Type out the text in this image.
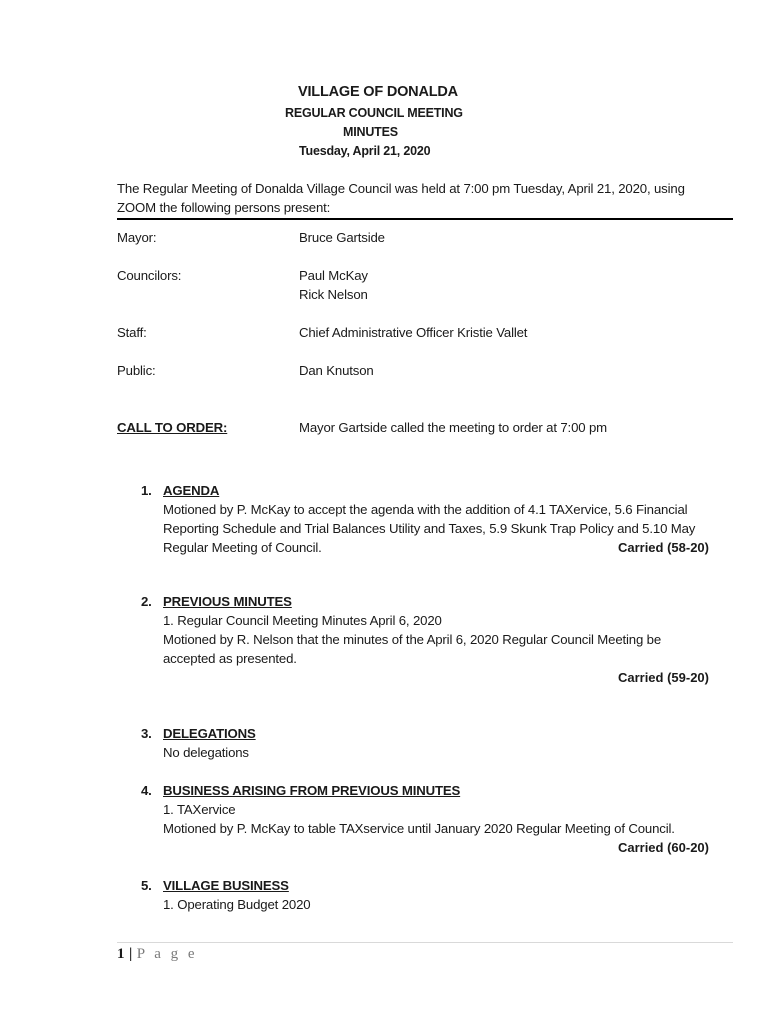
VILLAGE OF DONALDA
REGULAR COUNCIL MEETING
MINUTES
Tuesday, April 21, 2020
The Regular Meeting of Donalda Village Council was held at 7:00 pm Tuesday, April 21, 2020, using
ZOOM the following persons present:
Mayor:	Bruce Gartside
Councilors:	Paul McKay
Rick Nelson
Staff:	Chief Administrative Officer Kristie Vallet
Public:	Dan Knutson
CALL TO ORDER:	Mayor Gartside called the meeting to order at 7:00 pm
1. AGENDA
Motioned by P. McKay to accept the agenda with the addition of 4.1 TAXervice, 5.6 Financial
Reporting Schedule and Trial Balances Utility and Taxes, 5.9 Skunk Trap Policy and 5.10 May
Regular Meeting of Council.	Carried (58-20)
2. PREVIOUS MINUTES
1. Regular Council Meeting Minutes April 6, 2020
Motioned by R. Nelson that the minutes of the April 6, 2020 Regular Council Meeting be
accepted as presented.
Carried (59-20)
3. DELEGATIONS
No delegations
4. BUSINESS ARISING FROM PREVIOUS MINUTES
1. TAXervice
Motioned by P. McKay to table TAXservice until January 2020 Regular Meeting of Council.
Carried (60-20)
5. VILLAGE BUSINESS
1. Operating Budget 2020
1 | P a g e
